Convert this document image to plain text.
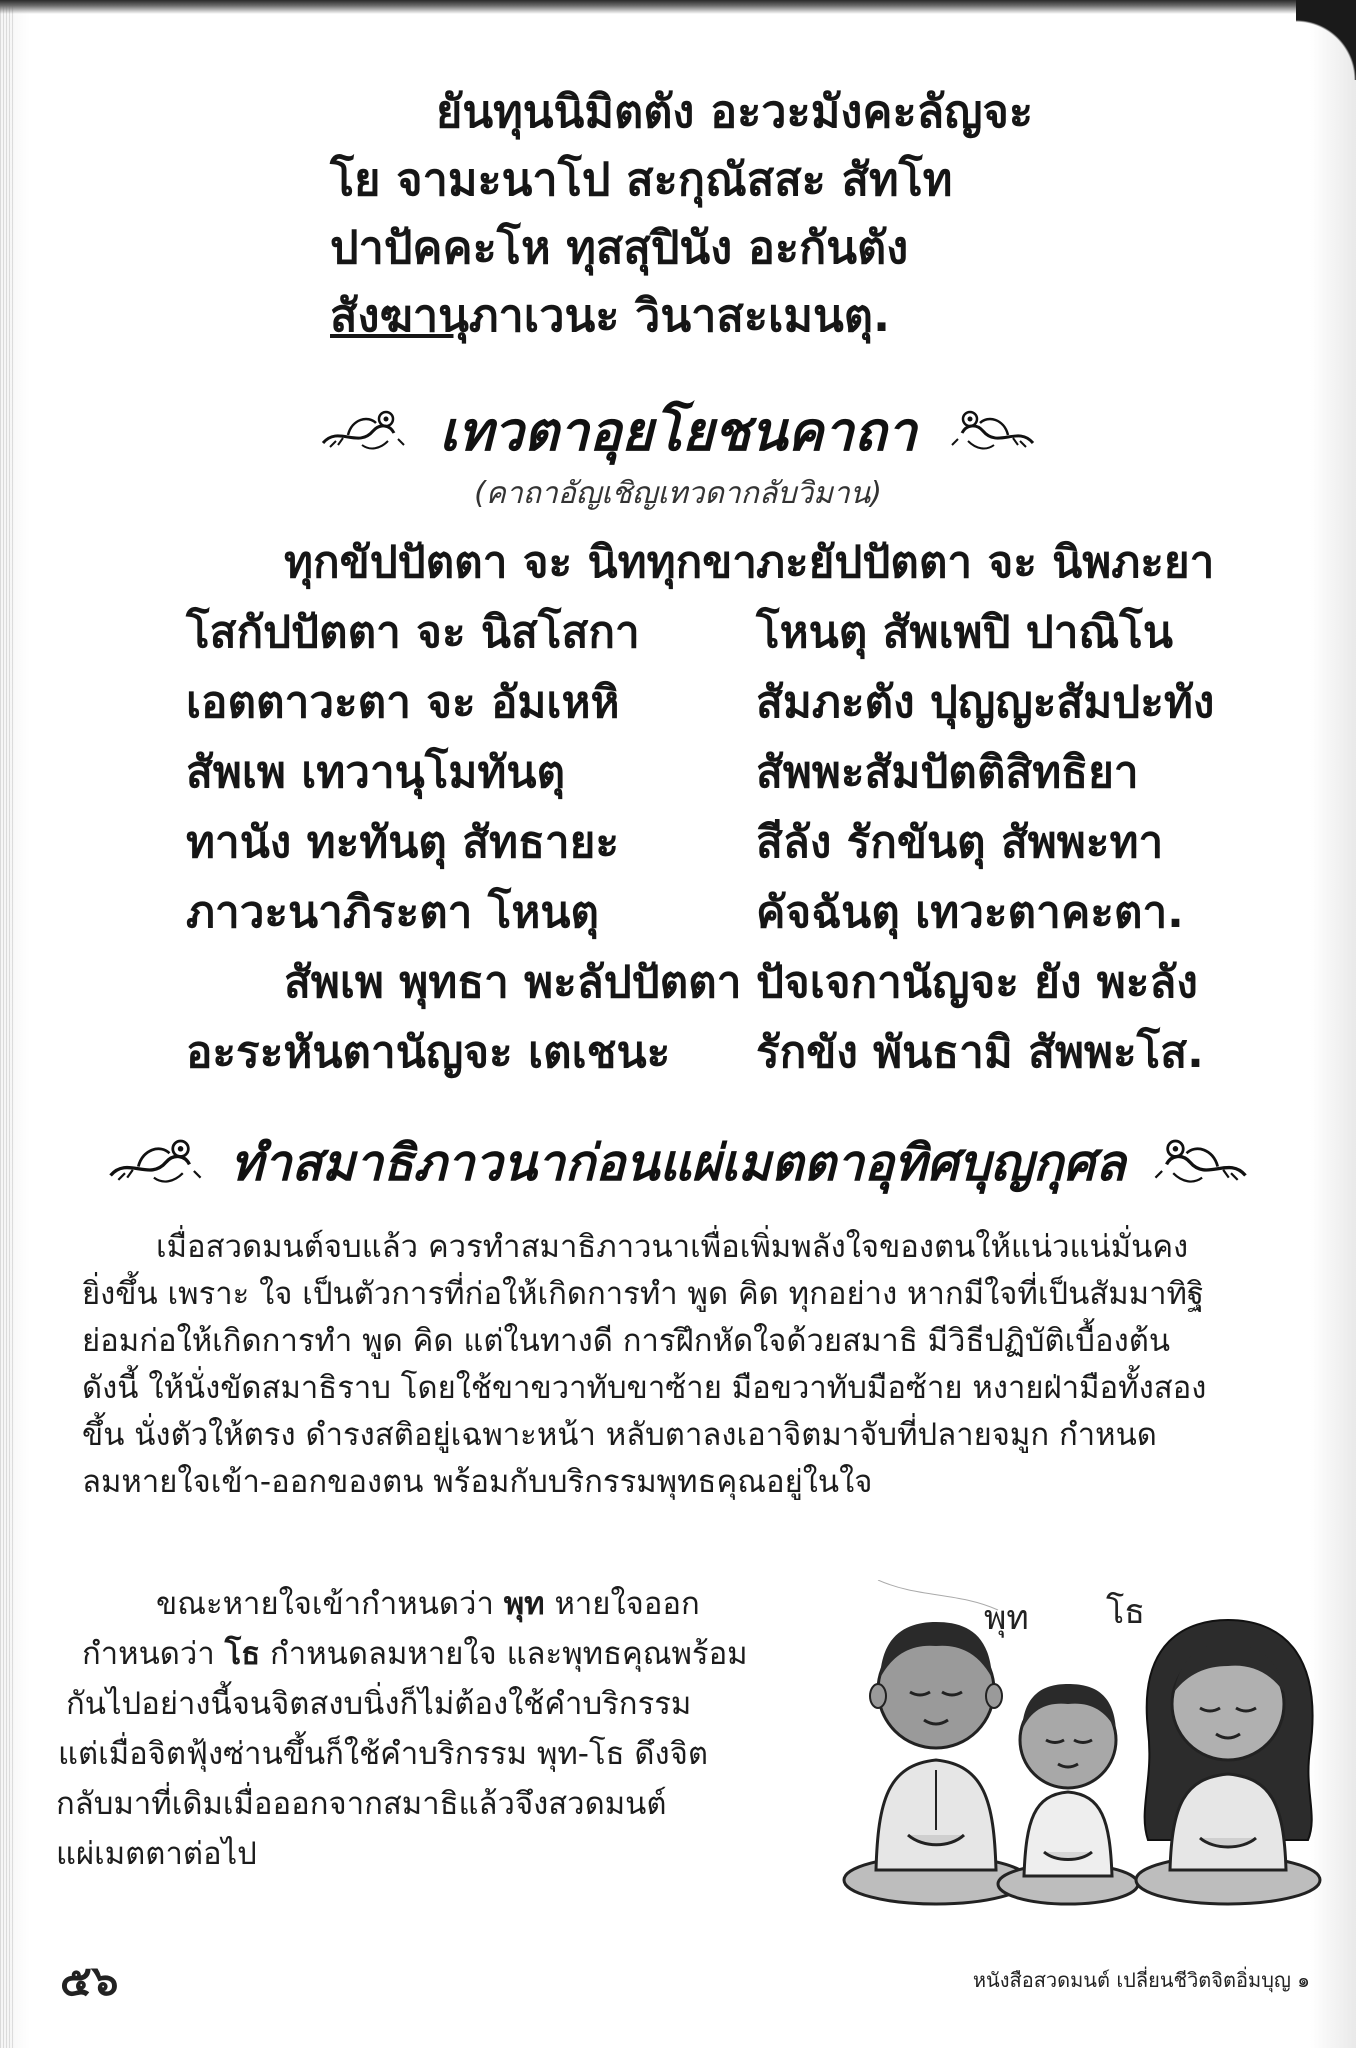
ยันทุนนิมิตตัง อะวะมังคะลัญจะ
โย จามะนาโป สะกุณัสสะ สัทโท
ปาปัคคะโห ทุสสุปินัง อะกันตัง
สังฆานุภาเวนะ วินาสะเมนตุ.
เทวตาอุยโยชนคาถา
(คาถาอัญเชิญเทวดากลับวิมาน)
ทุกขัปปัตตา จะ นิททุกขา
โสกัปปัตตา จะ นิสโสกา
เอตตาวะตา จะ อัมเหหิ
สัพเพ เทวานุโมทันตุ
ทานัง ทะทันตุ สัทธายะ
ภาวะนาภิระตา โหนตุ
สัพเพ พุทธา พะลัปปัตตา
อะระหันตานัญจะ เตเชนะ
ภะยัปปัตตา จะ นิพภะยา
โหนตุ สัพเพปิ ปาณิโน
สัมภะตัง ปุญญะสัมปะทัง
สัพพะสัมปัตติสิทธิยา
สีลัง รักขันตุ สัพพะทา
คัจฉันตุ เทวะตาคะตา.
ปัจเจกานัญจะ ยัง พะลัง
รักขัง พันธามิ สัพพะโส.
ทำสมาธิภาวนาก่อนแผ่เมตตาอุทิศบุญกุศล
เมื่อสวดมนต์จบแล้ว ควรทำสมาธิภาวนาเพื่อเพิ่มพลังใจของตนให้แน่วแน่มั่นคง
ยิ่งขึ้น เพราะ ใจ เป็นตัวการที่ก่อให้เกิดการทำ พูด คิด ทุกอย่าง หากมีใจที่เป็นสัมมาทิฐิ
ย่อมก่อให้เกิดการทำ พูด คิด แต่ในทางดี การฝึกหัดใจด้วยสมาธิ มีวิธีปฏิบัติเบื้องต้น
ดังนี้ ให้นั่งขัดสมาธิราบ โดยใช้ขาขวาทับขาซ้าย มือขวาทับมือซ้าย หงายฝ่ามือทั้งสอง
ขึ้น นั่งตัวให้ตรง ดำรงสติอยู่เฉพาะหน้า หลับตาลงเอาจิตมาจับที่ปลายจมูก กำหนด
ลมหายใจเข้า-ออกของตน พร้อมกับบริกรรมพุทธคุณอยู่ในใจ
ขณะหายใจเข้ากำหนดว่า พุท หายใจออก
กำหนดว่า โธ กำหนดลมหายใจ และพุทธคุณพร้อม
กันไปอย่างนี้จนจิตสงบนิ่งก็ไม่ต้องใช้คำบริกรรม
แต่เมื่อจิตฟุ้งซ่านขึ้นก็ใช้คำบริกรรม พุท-โธ ดึงจิต
กลับมาที่เดิมเมื่อออกจากสมาธิแล้วจึงสวดมนต์
แผ่เมตตาต่อไป
พุท โธ
หนังสือสวดมนต์ เปลี่ยนชีวิตจิตอิ่มบุญ ๑
๕๖
